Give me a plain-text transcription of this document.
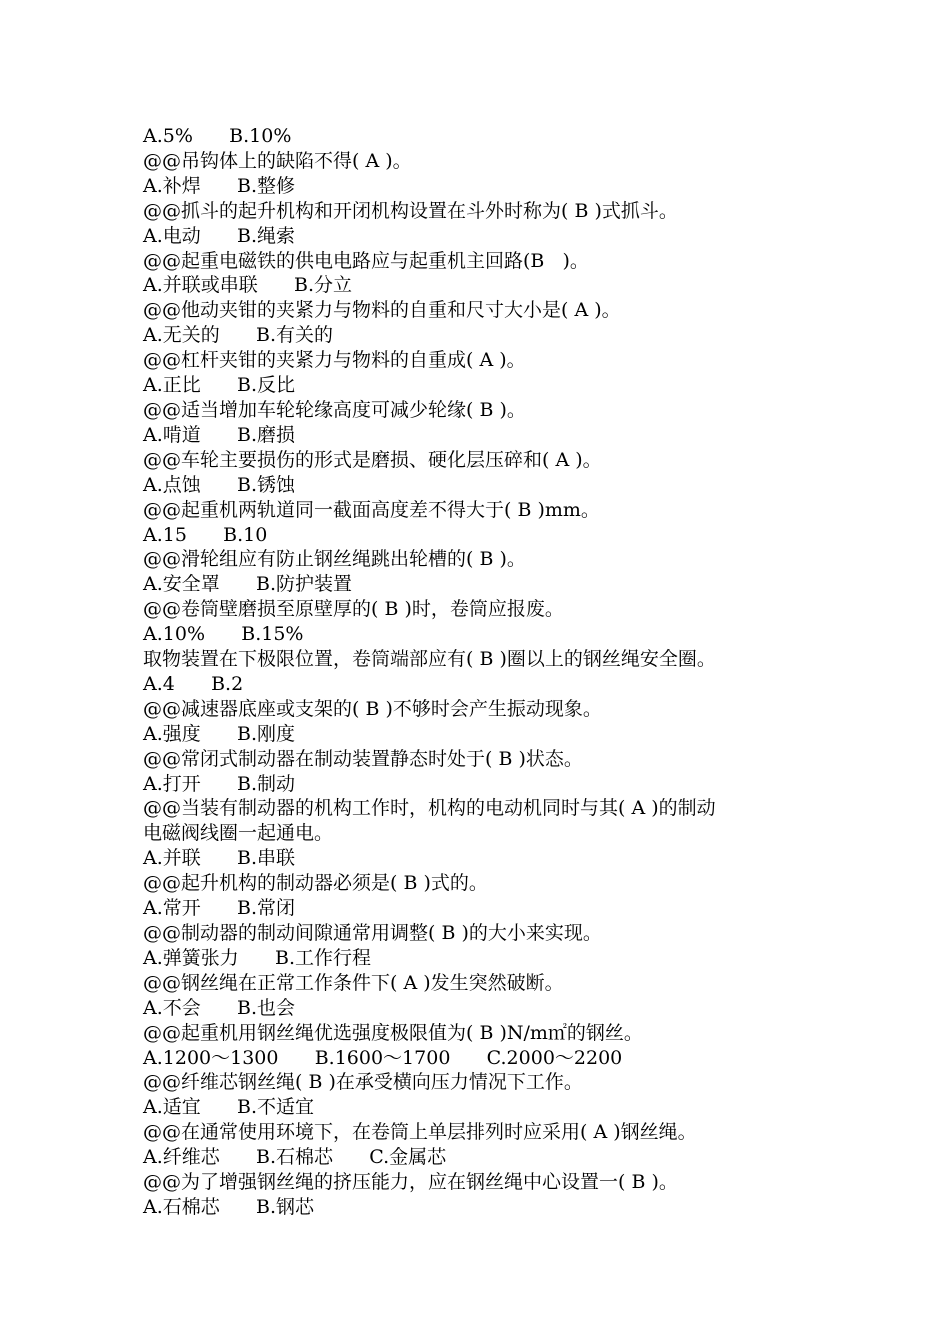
A.5%      B.10%
@@吊钩体上的缺陷不得( A )。
A.补焊      B.整修
@@抓斗的起升机构和开闭机构设置在斗外时称为( B )式抓斗。
A.电动      B.绳索
@@起重电磁铁的供电电路应与起重机主回路(B   )。
A.并联或串联      B.分立
@@他动夹钳的夹紧力与物料的自重和尺寸大小是( A )。
A.无关的      B.有关的
@@杠杆夹钳的夹紧力与物料的自重成( A )。
A.正比      B.反比
@@适当增加车轮轮缘高度可减少轮缘( B )。
A.啃道      B.磨损
@@车轮主要损伤的形式是磨损、硬化层压碎和( A )。
A.点蚀      B.锈蚀
@@起重机两轨道同一截面高度差不得大于( B )mm。
A.15      B.10
@@滑轮组应有防止钢丝绳跳出轮槽的( B )。
A.安全罩      B.防护装置
@@卷筒壁磨损至原壁厚的( B )时，卷筒应报废。
A.10%      B.15%
取物装置在下极限位置，卷筒端部应有( B )圈以上的钢丝绳安全圈。
A.4      B.2
@@减速器底座或支架的( B )不够时会产生振动现象。
A.强度      B.刚度
@@常闭式制动器在制动装置静态时处于( B )状态。
A.打开      B.制动
@@当装有制动器的机构工作时，机构的电动机同时与其( A )的制动
电磁阀线圈一起通电。
A.并联      B.串联
@@起升机构的制动器必须是( B )式的。
A.常开      B.常闭
@@制动器的制动间隙通常用调整( B )的大小来实现。
A.弹簧张力      B.工作行程
@@钢丝绳在正常工作条件下( A )发生突然破断。
A.不会      B.也会
@@起重机用钢丝绳优选强度极限值为( B )N/m㎡的钢丝。
A.1200～1300      B.1600～1700      C.2000～2200
@@纤维芯钢丝绳( B )在承受横向压力情况下工作。
A.适宜      B.不适宜
@@在通常使用环境下，在卷筒上单层排列时应采用( A )钢丝绳。
A.纤维芯      B.石棉芯      C.金属芯
@@为了增强钢丝绳的挤压能力，应在钢丝绳中心设置一( B )。
A.石棉芯      B.钢芯
